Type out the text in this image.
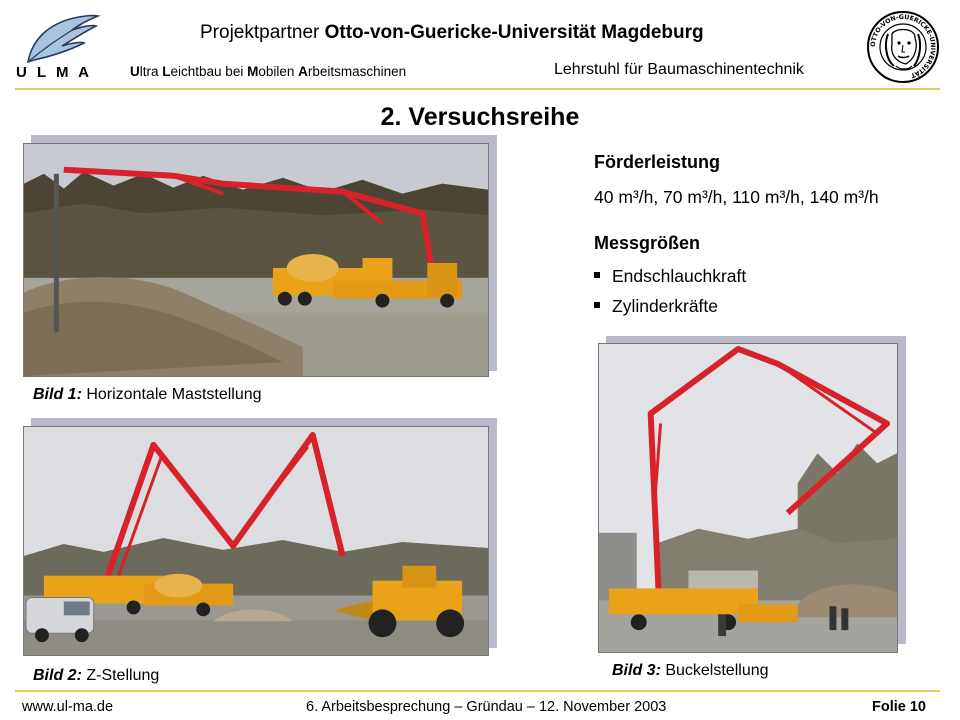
U L M A
Projektpartner Otto-von-Guericke-Universität Magdeburg
Ultra Leichtbau bei Mobilen Arbeitsmaschinen	Lehrstuhl für Baumaschinentechnik
OTTO-VON-GUERICKE-UNIVERSITÄT
2. Versuchsreihe
Bild 1: Horizontale Maststellung
Bild 2: Z-Stellung
Förderleistung
40 m³/h, 70 m³/h, 110 m³/h, 140 m³/h
Messgrößen
Endschlauchkraft
Zylinderkräfte
Bild 3: Buckelstellung
www.ul-ma.de	6. Arbeitsbesprechung – Gründau – 12. November 2003	Folie 10
